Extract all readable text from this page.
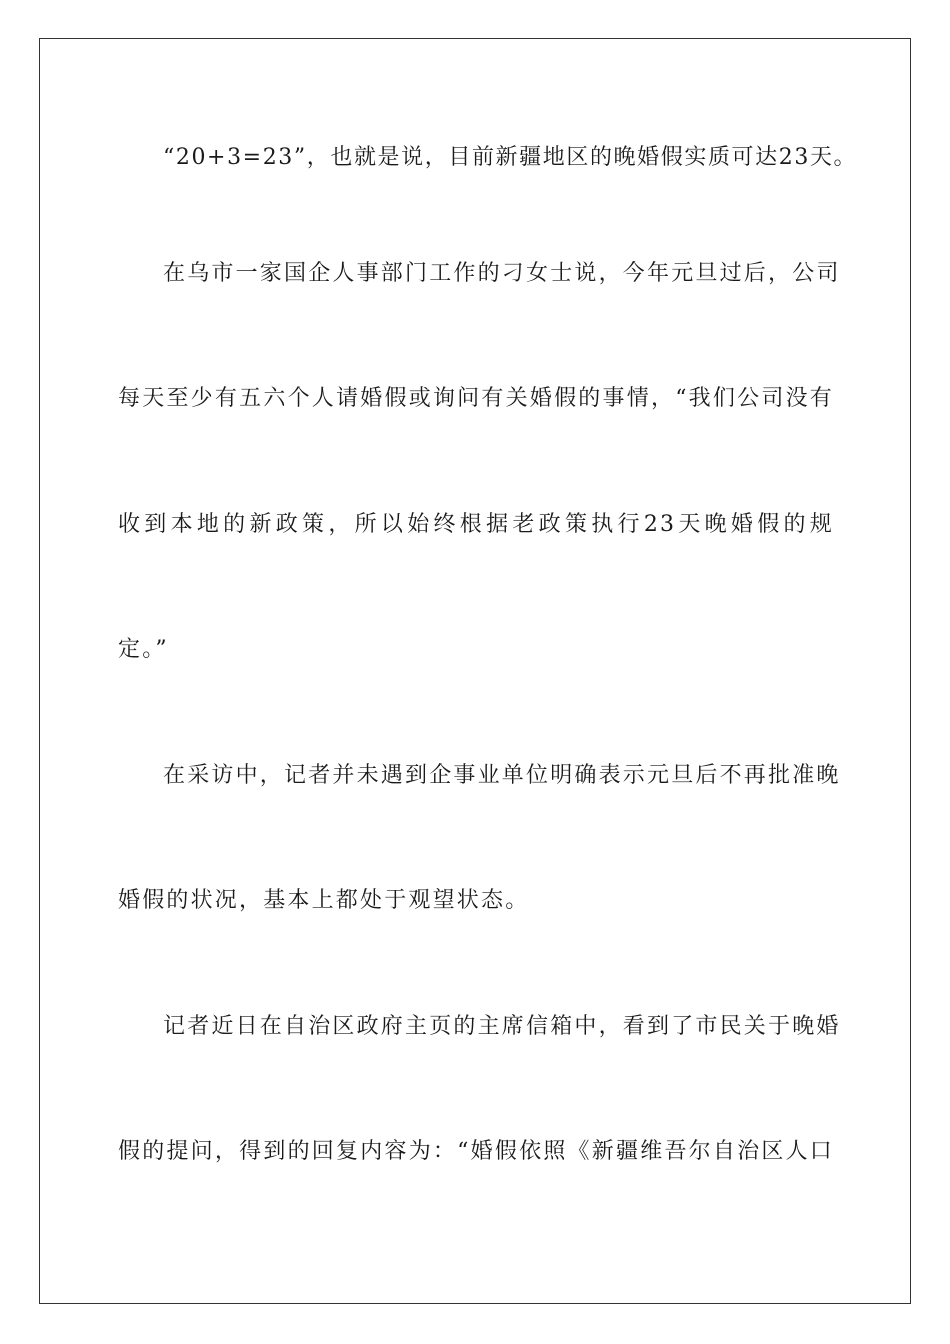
“20+3=23”，也就是说，目前新疆地区的晚婚假实质可达23天。
在乌市一家国企人事部门工作的刁女士说，今年元旦过后，公司
每天至少有五六个人请婚假或询问有关婚假的事情，“我们公司没有
收到本地的新政策，所以始终根据老政策执行23天晚婚假的规
定。”
在采访中，记者并未遇到企事业单位明确表示元旦后不再批准晚
婚假的状况，基本上都处于观望状态。
记者近日在自治区政府主页的主席信箱中，看到了市民关于晚婚
假的提问，得到的回复内容为：“婚假依照《新疆维吾尔自治区人口
